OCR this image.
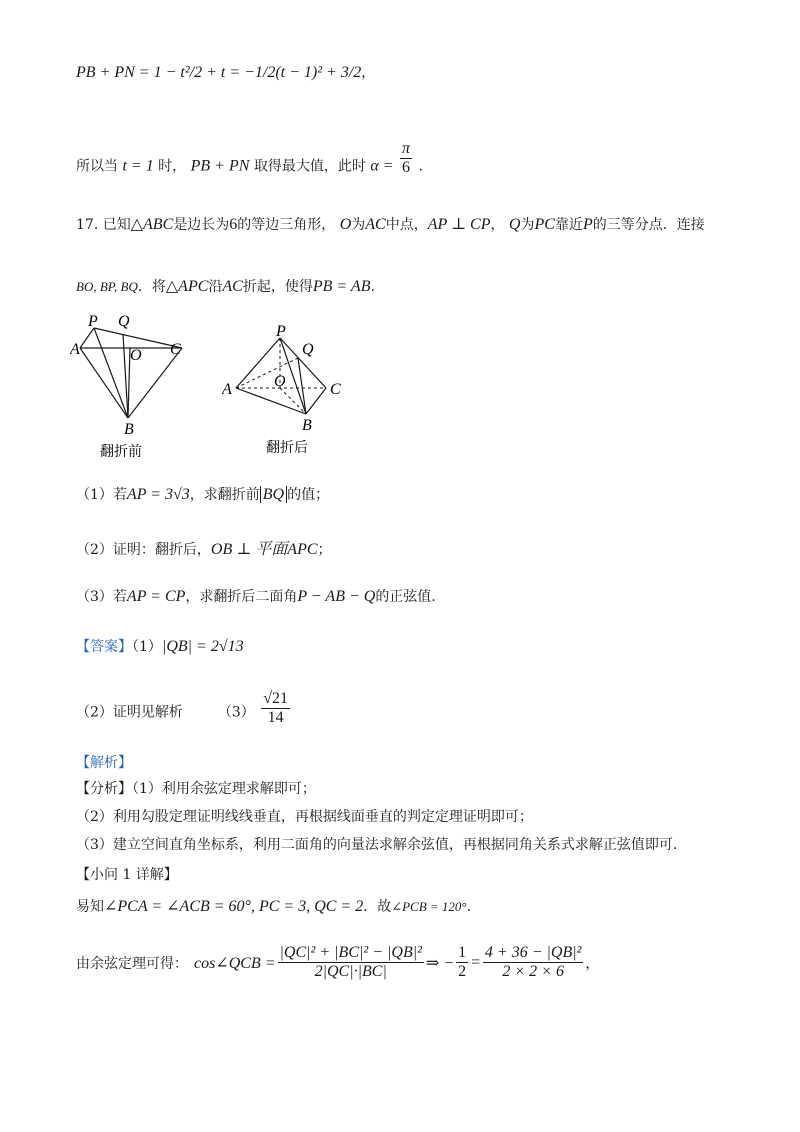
PB + PN = 1 − t²/2 + t = −1/2(t − 1)² + 3/2，
所以当 t = 1 时， PB + PN 取得最大值，此时 $\alpha = \frac{\pi}{6}$ .
17. 已知△ABC是边长为6的等边三角形， O为AC中点，AP ⊥ CP， Q为PC靠近P的三等分点．连接
BO, BP, BQ．将△APC沿AC折起，使得PB = AB.
P Q
A	O C
B
翻折前
P
Q
A	O	C
B
翻折后
（1）若AP = 3√3，求翻折前 BQ 的值；
（2）证明：翻折后，OB ⊥ 平面APC；
（3）若AP = CP，求翻折后二面角P − AB − Q的正弦值.
【答案】（1）|QB| = 2√13
（2）证明见解析 $(3) \frac{√21}{14}$
【解析】
【分析】（1）利用余弦定理求解即可；
（2）利用勾股定理证明线线垂直，再根据线面垂直的判定定理证明即可；
（3）建立空间直角坐标系，利用二面角的向量法求解余弦值，再根据同角关系式求解正弦值即可.
【小问 1 详解】
易知∠PCA = ∠ACB = 60°, PC = 3, QC = 2．故∠PCB = 120°.
由余弦定理可得： cos∠QCB = $\frac{\text{|QC|² + |BC|² − |QB|²}}{2|QC|\cdot|BC|}$ ⇒ − $\frac{1}{2} = \frac{\text{4 + 36 − |QB|²}}{2 \times 2 \times 6}$ ，
